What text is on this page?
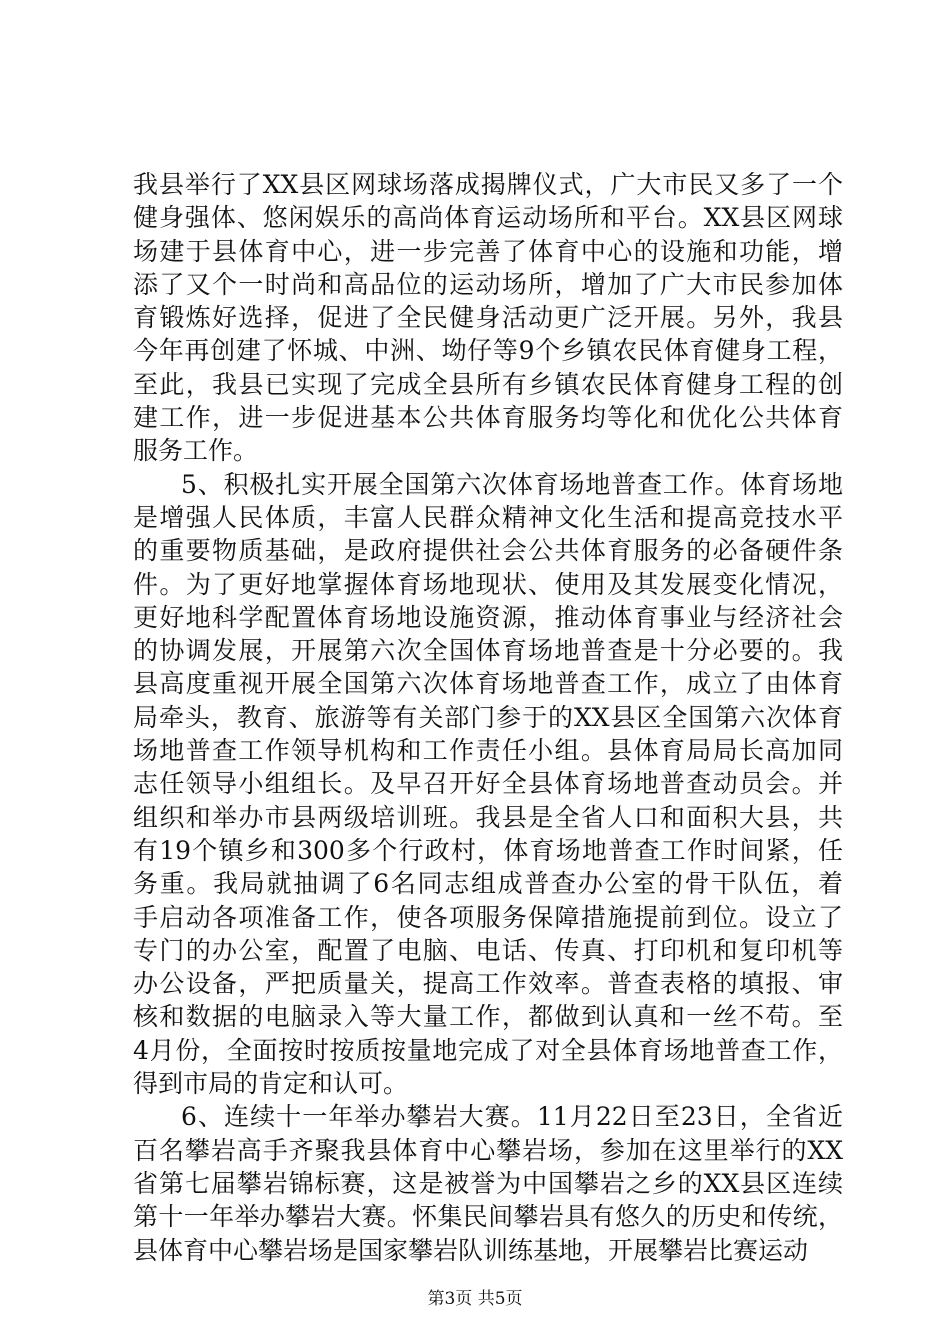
我县举行了XX县区网球场落成揭牌仪式，广大市民又多了一个
健身强体、悠闲娱乐的高尚体育运动场所和平台。XX县区网球
场建于县体育中心，进一步完善了体育中心的设施和功能，增
添了又个一时尚和高品位的运动场所，增加了广大市民参加体
育锻炼好选择，促进了全民健身活动更广泛开展。另外，我县
今年再创建了怀城、中洲、坳仔等9个乡镇农民体育健身工程，
至此，我县已实现了完成全县所有乡镇农民体育健身工程的创
建工作，进一步促进基本公共体育服务均等化和优化公共体育
服务工作。
5、积极扎实开展全国第六次体育场地普查工作。体育场地
是增强人民体质，丰富人民群众精神文化生活和提高竞技水平
的重要物质基础，是政府提供社会公共体育服务的必备硬件条
件。为了更好地掌握体育场地现状、使用及其发展变化情况，
更好地科学配置体育场地设施资源，推动体育事业与经济社会
的协调发展，开展第六次全国体育场地普查是十分必要的。我
县高度重视开展全国第六次体育场地普查工作，成立了由体育
局牵头，教育、旅游等有关部门参于的XX县区全国第六次体育
场地普查工作领导机构和工作责任小组。县体育局局长高加同
志任领导小组组长。及早召开好全县体育场地普查动员会。并
组织和举办市县两级培训班。我县是全省人口和面积大县，共
有19个镇乡和300多个行政村，体育场地普查工作时间紧，任
务重。我局就抽调了6名同志组成普查办公室的骨干队伍，着
手启动各项准备工作，使各项服务保障措施提前到位。设立了
专门的办公室，配置了电脑、电话、传真、打印机和复印机等
办公设备，严把质量关，提高工作效率。普查表格的填报、审
核和数据的电脑录入等大量工作，都做到认真和一丝不苟。至
4月份，全面按时按质按量地完成了对全县体育场地普查工作，
得到市局的肯定和认可。
6、连续十一年举办攀岩大赛。11月22日至23日，全省近
百名攀岩高手齐聚我县体育中心攀岩场，参加在这里举行的XX
省第七届攀岩锦标赛，这是被誉为中国攀岩之乡的XX县区连续
第十一年举办攀岩大赛。怀集民间攀岩具有悠久的历史和传统，
县体育中心攀岩场是国家攀岩队训练基地，开展攀岩比赛运动
第3页 共5页
